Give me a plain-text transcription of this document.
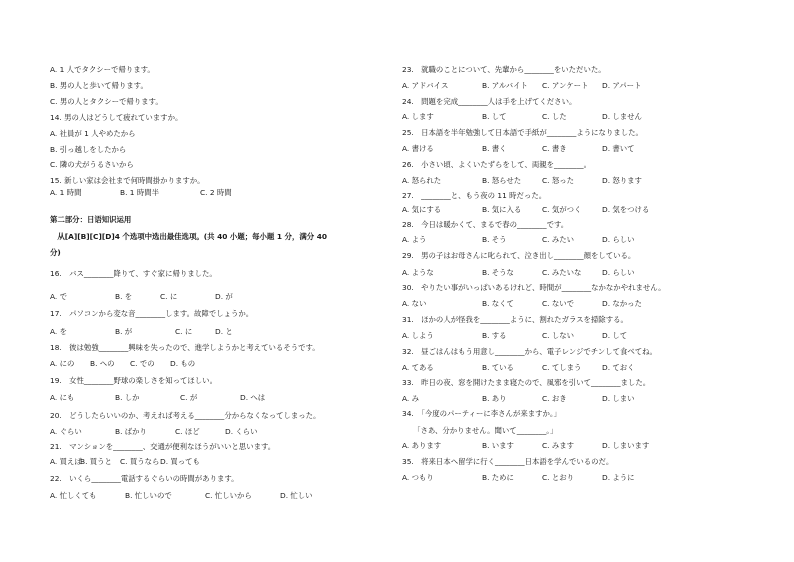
A. 1 人でタクシーで帰ります。
B. 男の人と歩いて帰ります。
C. 男の人とタクシーで帰ります。
14. 男の人はどうして疲れていますか。
A. 社員が 1 人やめたから
B. 引っ越しをしたから
C. 隣の犬がうるさいから
15. 新しい家は会社まで何時間掛かりますか。
A. 1 時間	B. 1 時間半	C. 2 時間
第二部分：日语知识运用
　从[A][B][C][D]4 个选项中选出最佳选项。(共 40 小题；每小题 1 分，满分 40
分)
16.　バス________降りて、すぐ家に帰りました。
A. で	B. を	C. に	D. が
17.　パソコンから変な音________します。故障でしょうか。
A. を	B. が	C. に	D. と
18.　彼は勉強________興味を失ったので、進学しようかと考えているそうです。
A. にの B. への C. での D. もの
19.　女性________野球の楽しさを知ってほしい。
A. にも	B. しか	C. が	D. へは
20.　どうしたらいいのか、考えれば考える________分からなくなってしまった。
A. ぐらい	B. ばかり	C. ほど	D. くらい
21.　マンションを________、交通が便利なほうがいいと思います。
A. 買えば
B. 買うと C. 買うなら D. 買っても
22.　いくら________電話するぐらいの時間があります。
A. 忙しくても	B. 忙しいので	C. 忙しいから	D. 忙しい
23.　就職のことについて、先輩から________をいただいた。
A. アドバイス	B. アルバイト C. アンケート D. アパート
24.　問題を完成________人は手を上げてください。
A. します	B. して	C. した	D. しません
25.　日本語を半年勉強して日本語で手紙が________ようになりました。
A. 書ける	B. 書く	C. 書き	D. 書いて
26.　小さい頃、よくいたずらをして、両親を________。
A. 怒られた	B. 怒らせた	C. 怒った	D. 怒ります
27.　________と、もう夜の 11 時だった。
A. 気にする	B. 気に入る	C. 気がつく	D. 気をつける
28.　今日は暖かくて、まるで春の________です。
A. よう	B. そう	C. みたい	D. らしい
29.　男の子はお母さんに叱られて、泣き出し________顔をしている。
A. ような	B. そうな	C. みたいな	D. らしい
30.　やりたい事がいっぱいあるけれど、時間が________なかなかやれません。
A. ない	B. なくて	C. ないで	D. なかった
31.　ほかの人が怪我を________ように、割れたガラスを掃除する。
A. しよう	B. する	C. しない	D. して
32.　昼ごはんはもう用意し________から、電子レンジでチンして食べてね。
A. てある	B. ている	C. てしまう	D. ておく
33.　昨日の夜、窓を開けたまま寝たので、風邪を引いて________ました。
A. み	B. あり	C. おき	D. しまい
34.　「今度のパーティーに李さんが来ますか。」
　　「さあ、分かりません。聞いて________。」
A. あります	B. います	C. みます	D. しまいます
35.　将来日本へ留学に行く________日本語を学んでいるのだ。
A. つもり	B. ために	C. とおり	D. ように
